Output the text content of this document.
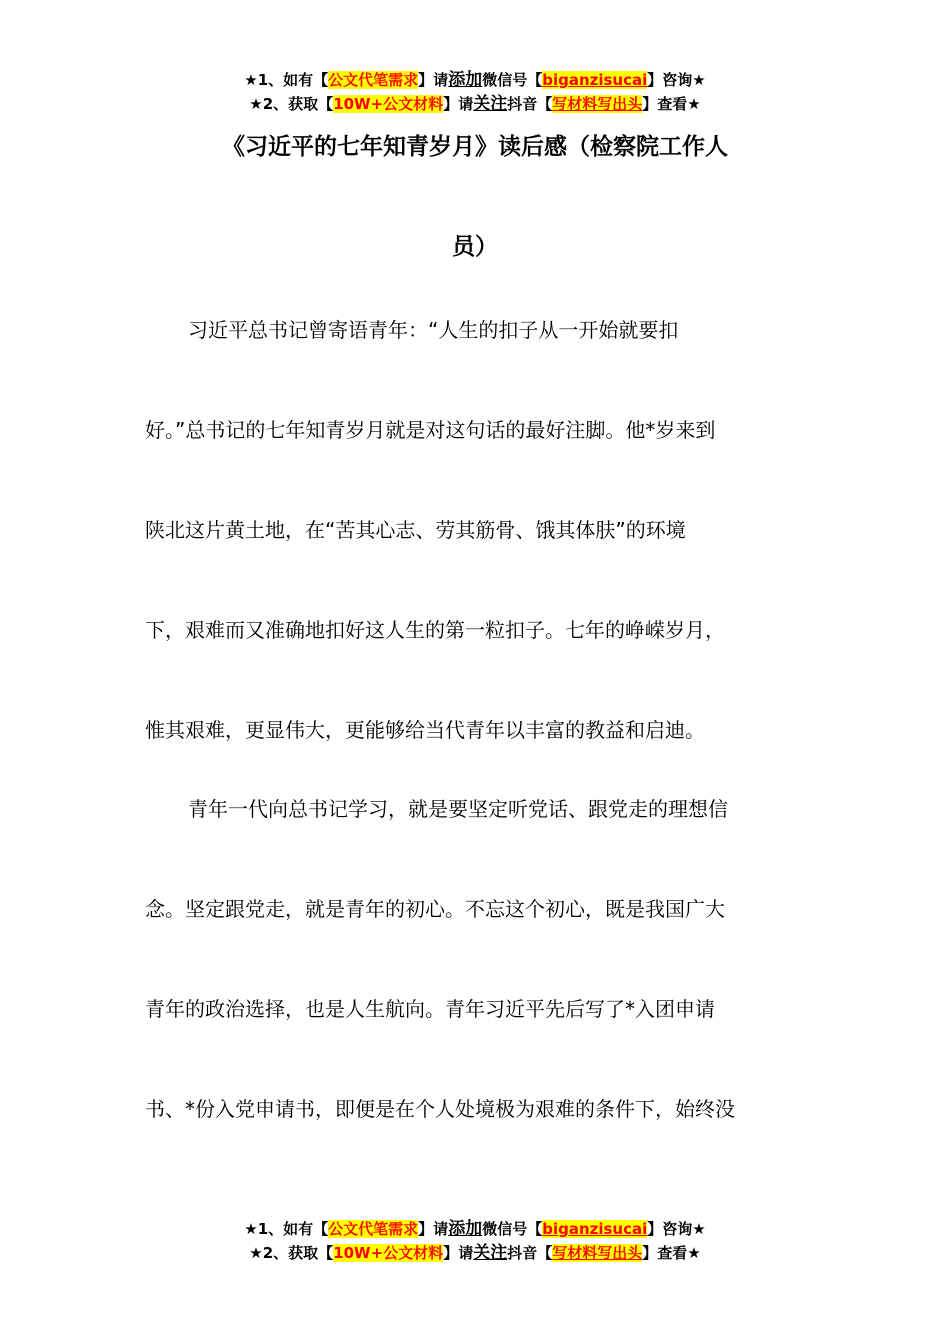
★1、如有【公文代笔需求】请添加微信号【biganzisucai】咨询★
★2、获取【10W+公文材料】请关注抖音【写材料写出头】查看★
《习近平的七年知青岁月》读后感（检察院工作人
员）
习近平总书记曾寄语青年：“人生的扣子从一开始就要扣
好。”总书记的七年知青岁月就是对这句话的最好注脚。他*岁来到
陕北这片黄土地，在“苦其心志、劳其筋骨、饿其体肤”的环境
下，艰难而又准确地扣好这人生的第一粒扣子。七年的峥嵘岁月，
惟其艰难，更显伟大，更能够给当代青年以丰富的教益和启迪。
青年一代向总书记学习，就是要坚定听党话、跟党走的理想信
念。坚定跟党走，就是青年的初心。不忘这个初心，既是我国广大
青年的政治选择，也是人生航向。青年习近平先后写了*入团申请
书、*份入党申请书，即便是在个人处境极为艰难的条件下，始终没
★1、如有【公文代笔需求】请添加微信号【biganzisucai】咨询★
★2、获取【10W+公文材料】请关注抖音【写材料写出头】查看★
